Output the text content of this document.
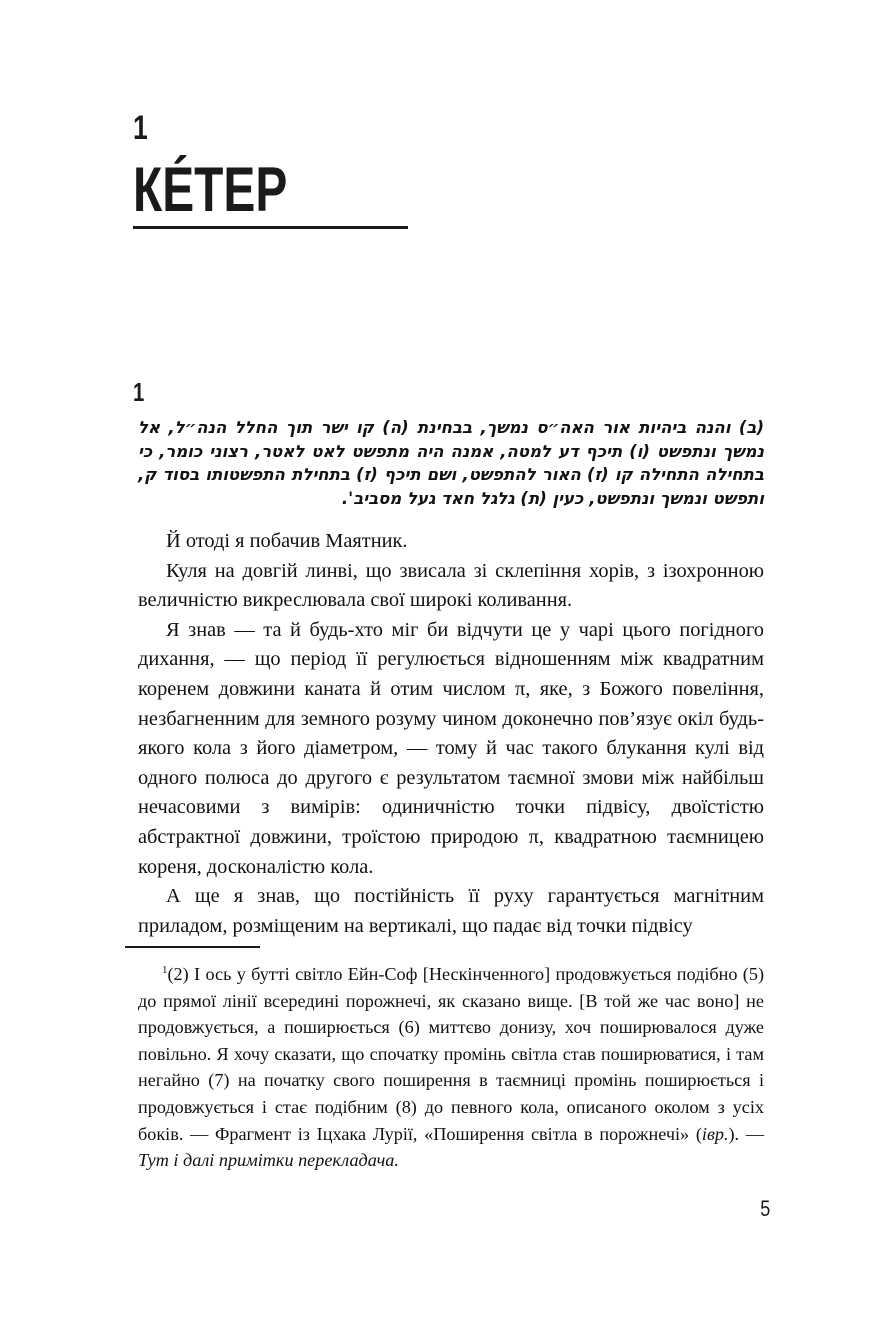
1
КÉТЕР
1
(ב) והנה ביהיות אור האה״ס נמשך, בבחינת (ה) קו ישר תוך החלל הנה״ל, אל נמשך ונתפשט (ו) תיכף דע למטה, אמנה היה מתפשט לאט לאטר, רצוני כומר, כי בתחילה התחילה קו (ז) האור להתפשט, ושם תיכף (ז) בתחילת התפשטותו בסוד ק, ותפשט ונמשך ונתפשט, כעין (ת) גלגל חאד געל מסביב'.

Й отоді я побачив Маятник.

Куля на довгій линві, що звисала зі склепіння хорів, з ізохронною величністю викреслювала свої широкі коливання.

Я знав — та й будь-хто міг би відчути це у чарі цього погідного дихання, — що період її регулюється відношенням між квадратним коренем довжини каната й отим числом π, яке, з Божого повеління, незбагненним для земного розуму чином доконечно пов’язує окіл будь-якого кола з його діаметром, — тому й час такого блукання кулі від одного полюса до другого є результатом таємної змови між найбільш нечасовими з вимірів: одиничністю точки підвісу, двоїстістю абстрактної довжини, троїстою природою π, квадратною таємницею кореня, досконалістю кола.

А ще я знав, що постійність її руху гарантується магнітним приладом, розміщеним на вертикалі, що падає від точки підвісу

$^1$(2) І ось у бутті світло Ейн-Соф [Нескінченного] продовжується подібно (5) до прямої лінії всередині порожнечі, як сказано вище. [В той же час воно] не продовжується, а поширюється (6) миттєво донизу, хоч поширювалося дуже повільно. Я хочу сказати, що спочатку промінь світла став поширюватися, і там негайно (7) на початку свого поширення в таємниці промінь поширюється і продовжується і стає подібним (8) до певного кола, описаного околом з усіх боків. — Фрагмент із Іцхака Лурії, «Поширення світла в порожнечі» (івр.). — Тут і далі примітки перекладача.

5
